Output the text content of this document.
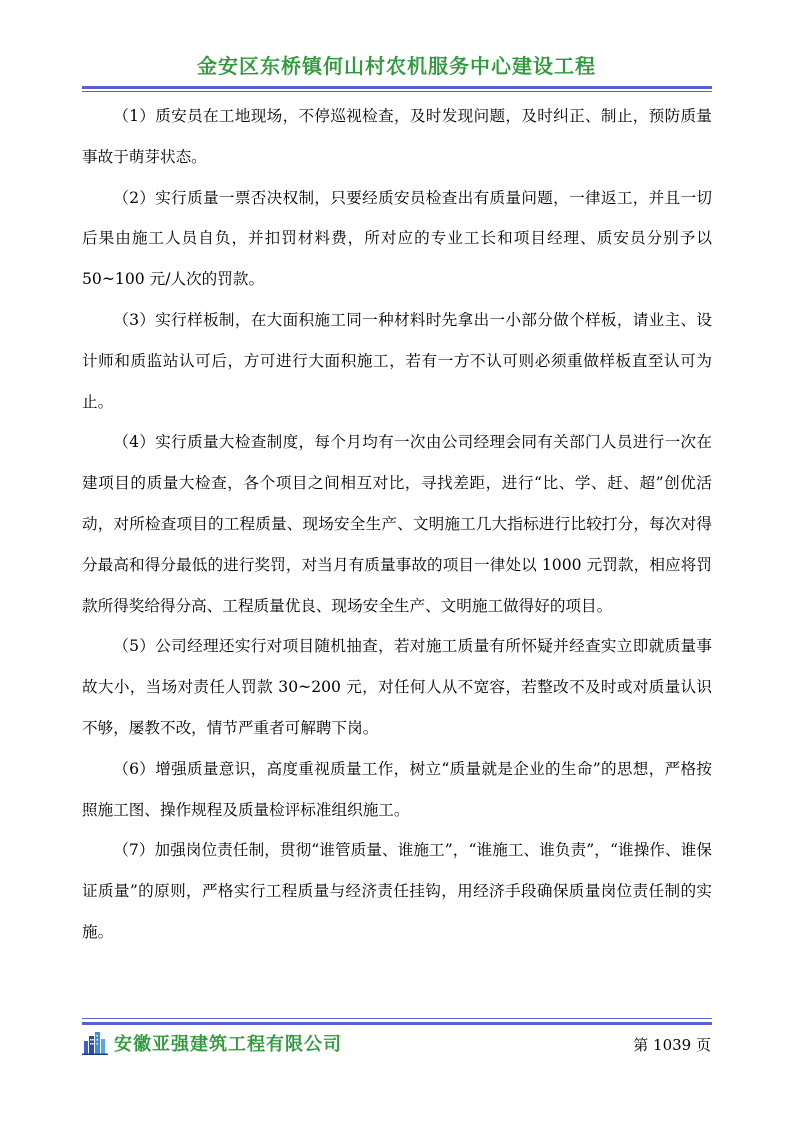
金安区东桥镇何山村农机服务中心建设工程

（1）质安员在工地现场，不停巡视检查，及时发现问题，及时纠正、制止，预防质量事故于萌芽状态。

（2）实行质量一票否决权制，只要经质安员检查出有质量问题，一律返工，并且一切后果由施工人员自负，并扣罚材料费，所对应的专业工长和项目经理、质安员分别予以 50~100 元/人次的罚款。

（3）实行样板制，在大面积施工同一种材料时先拿出一小部分做个样板，请业主、设计师和质监站认可后，方可进行大面积施工，若有一方不认可则必须重做样板直至认可为止。

（4）实行质量大检查制度，每个月均有一次由公司经理会同有关部门人员进行一次在建项目的质量大检查，各个项目之间相互对比，寻找差距，进行“比、学、赶、超”创优活动，对所检查项目的工程质量、现场安全生产、文明施工几大指标进行比较打分，每次对得分最高和得分最低的进行奖罚，对当月有质量事故的项目一律处以 1000 元罚款，相应将罚款所得奖给得分高、工程质量优良、现场安全生产、文明施工做得好的项目。

（5）公司经理还实行对项目随机抽查，若对施工质量有所怀疑并经查实立即就质量事故大小，当场对责任人罚款 30~200 元，对任何人从不宽容，若整改不及时或对质量认识不够，屡教不改，情节严重者可解聘下岗。

（6）增强质量意识，高度重视质量工作，树立“质量就是企业的生命”的思想，严格按照施工图、操作规程及质量检评标准组织施工。

（7）加强岗位责任制，贯彻“谁管质量、谁施工”，“谁施工、谁负责”，“谁操作、谁保证质量”的原则，严格实行工程质量与经济责任挂钩，用经济手段确保质量岗位责任制的实施。

安徽亚强建筑工程有限公司	第 1039 页
